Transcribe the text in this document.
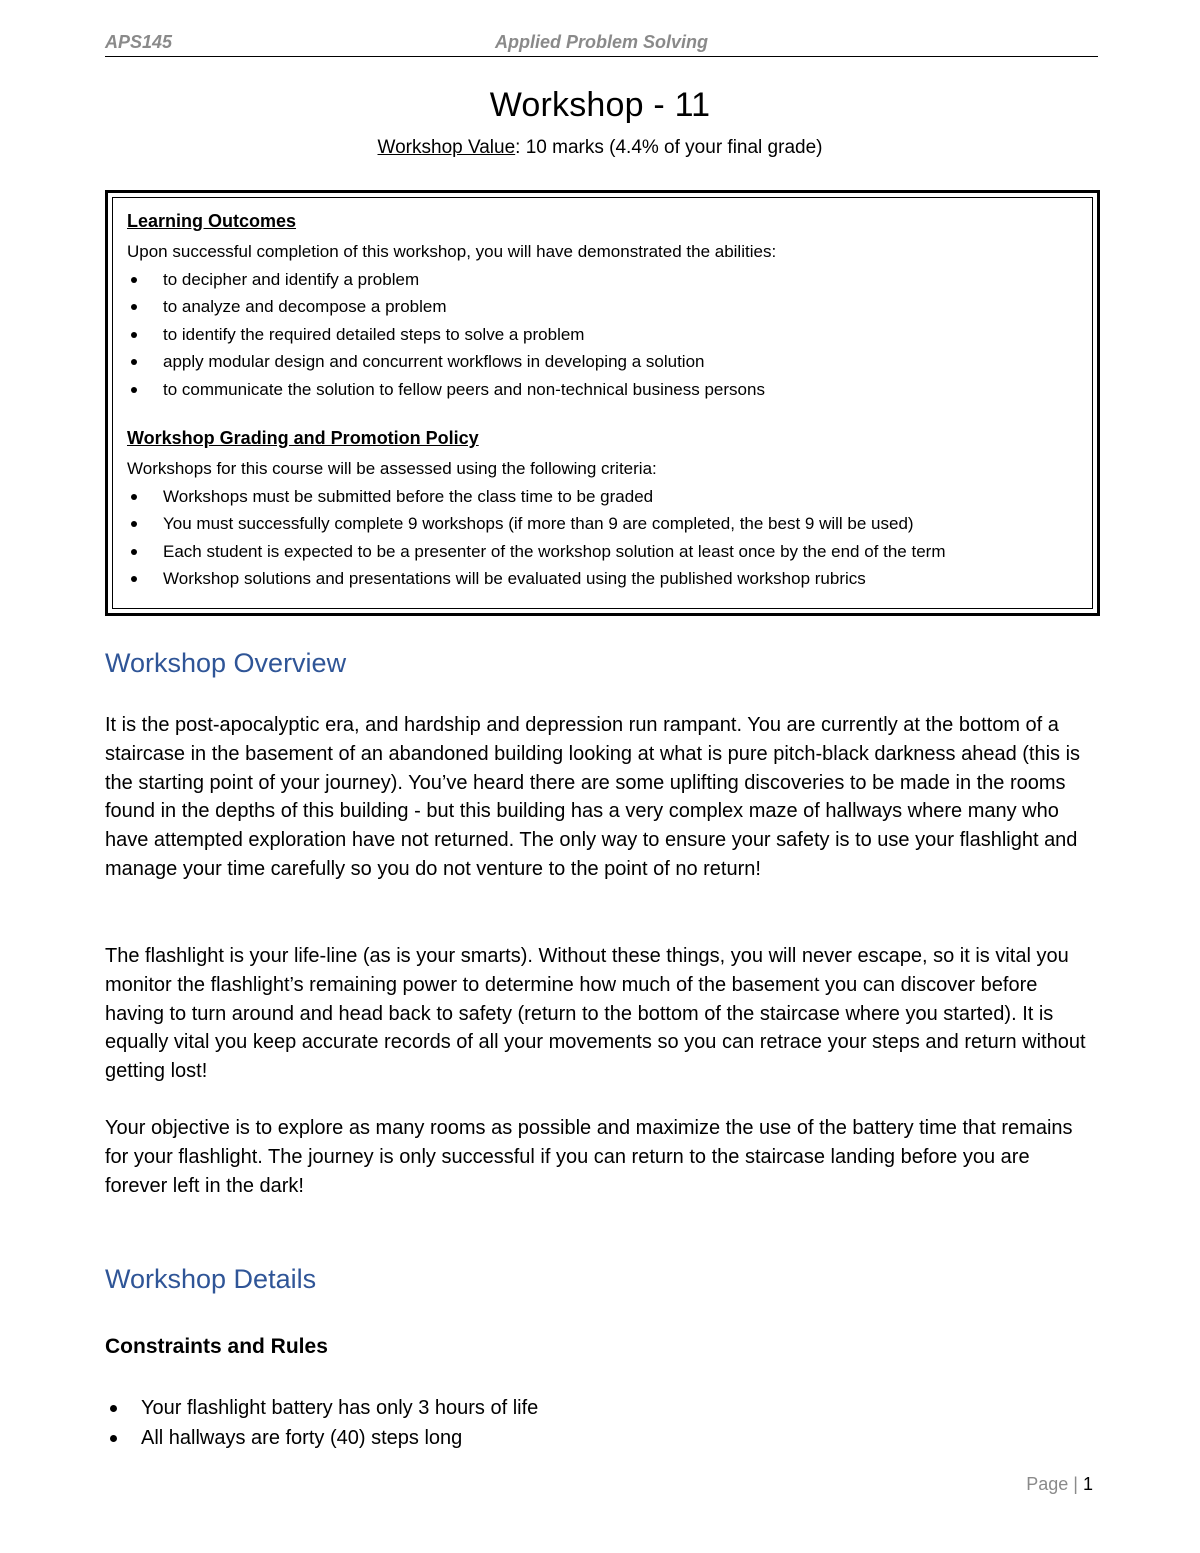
APS145	Applied Problem Solving
Workshop - 11
Workshop Value: 10 marks (4.4% of your final grade)
Learning Outcomes

Upon successful completion of this workshop, you will have demonstrated the abilities:

to decipher and identify a problem
to analyze and decompose a problem
to identify the required detailed steps to solve a problem
apply modular design and concurrent workflows in developing a solution
to communicate the solution to fellow peers and non-technical business persons
Workshop Grading and Promotion Policy

Workshops for this course will be assessed using the following criteria:

Workshops must be submitted before the class time to be graded
You must successfully complete 9 workshops (if more than 9 are completed, the best 9 will be used)
Each student is expected to be a presenter of the workshop solution at least once by the end of the term
Workshop solutions and presentations will be evaluated using the published workshop rubrics
Workshop Overview

It is the post-apocalyptic era, and hardship and depression run rampant. You are currently at the bottom of a staircase in the basement of an abandoned building looking at what is pure pitch-black darkness ahead (this is the starting point of your journey). You’ve heard there are some uplifting discoveries to be made in the rooms found in the depths of this building - but this building has a very complex maze of hallways where many who have attempted exploration have not returned. The only way to ensure your safety is to use your flashlight and manage your time carefully so you do not venture to the point of no return!

The flashlight is your life-line (as is your smarts). Without these things, you will never escape, so it is vital you monitor the flashlight’s remaining power to determine how much of the basement you can discover before having to turn around and head back to safety (return to the bottom of the staircase where you started). It is equally vital you keep accurate records of all your movements so you can retrace your steps and return without getting lost!

Your objective is to explore as many rooms as possible and maximize the use of the battery time that remains for your flashlight. The journey is only successful if you can return to the staircase landing before you are forever left in the dark!

Workshop Details
Constraints and Rules
Your flashlight battery has only 3 hours of life
All hallways are forty (40) steps long
Page | 1
